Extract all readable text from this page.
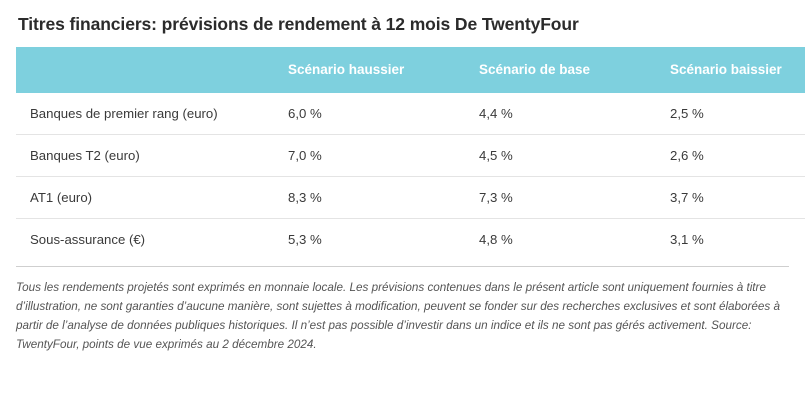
Titres financiers: prévisions de rendement à 12 mois De TwentyFour

	Scénario haussier	Scénario de base	Scénario baissier

Banques de premier rang (euro)	6,0 %	4,4 %	2,5 %
Banques T2 (euro)	7,0 %	4,5 %	2,6 %
AT1 (euro)	8,3 %	7,3 %	3,7 %
Sous-assurance (€)	5,3 %	4,8 %	3,1 %

Tous les rendements projetés sont exprimés en monnaie locale. Les prévisions contenues dans le présent article sont uniquement fournies à titre d’illustration, ne sont garanties d’aucune manière, sont sujettes à modification, peuvent se fonder sur des recherches exclusives et sont élaborées à partir de l’analyse de données publiques historiques. Il n’est pas possible d’investir dans un indice et ils ne sont pas gérés activement. Source: TwentyFour, points de vue exprimés au 2 décembre 2024.
